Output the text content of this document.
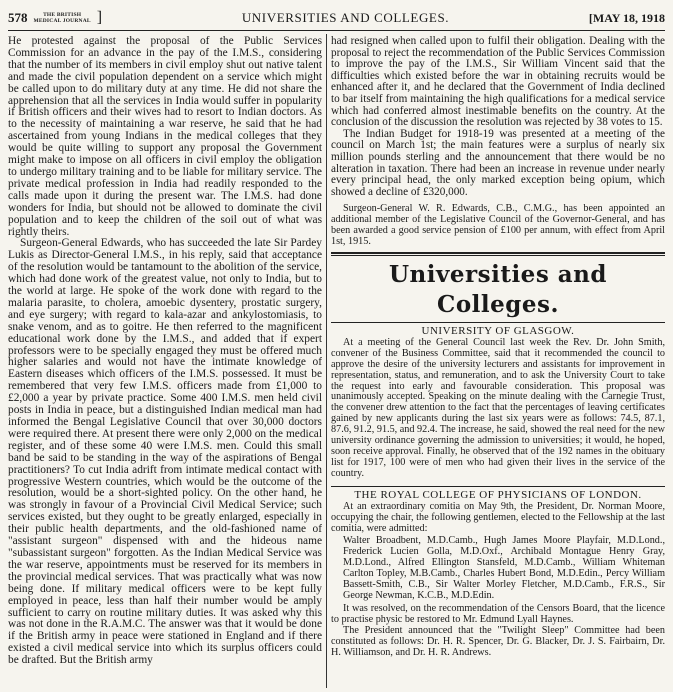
578	THE BRITISH
MEDICAL JOURNAL ]	UNIVERSITIES AND COLLEGES.	[MAY 18, 1918

He protested against the proposal of the Public Services Commission for an advance in the pay of the I.M.S., considering that the number of its members in civil employ shut out native talent and made the civil population dependent on a service which might be called upon to do military duty at any time. He did not share the apprehension that all the services in India would suffer in popularity if British officers and their wives had to resort to Indian doctors. As to the necessity of maintaining a war reserve, he said that he had ascertained from young Indians in the medical colleges that they would be quite willing to support any proposal the Government might make to impose on all officers in civil employ the obligation to undergo military training and to be liable for military service. The private medical profession in India had readily responded to the calls made upon it during the present war. The I.M.S. had done wonders for India, but should not be allowed to dominate the civil population and to keep the children of the soil out of what was rightly theirs.

Surgeon-General Edwards, who has succeeded the late Sir Pardey Lukis as Director-General I.M.S., in his reply, said that acceptance of the resolution would be tantamount to the abolition of the service, which had done work of the greatest value, not only to India, but to the world at large. He spoke of the work done with regard to the malaria parasite, to cholera, amoebic dysentery, prostatic surgery, and eye surgery; with regard to kala-azar and ankylostomiasis, to snake venom, and as to goitre. He then referred to the magnificent educational work done by the I.M.S., and added that if expert professors were to be specially engaged they must be offered much higher salaries and would not have the intimate knowledge of Eastern diseases which officers of the I.M.S. possessed. It must be remembered that very few I.M.S. officers made from £1,000 to £2,000 a year by private practice. Some 400 I.M.S. men held civil posts in India in peace, but a distinguished Indian medical man had informed the Bengal Legislative Council that over 30,000 doctors were required there. At present there were only 2,000 on the medical register, and of these some 40 were I.M.S. men. Could this small band be said to be standing in the way of the aspirations of Bengal practitioners? To cut India adrift from intimate medical contact with progressive Western countries, which would be the outcome of the resolution, would be a short-sighted policy. On the other hand, he was strongly in favour of a Provincial Civil Medical Service; such services existed, but they ought to be greatly enlarged, especially in their public health departments, and the old-fashioned name of "assistant surgeon" dispensed with and the hideous name "subassistant surgeon" forgotten. As the Indian Medical Service was the war reserve, appointments must be reserved for its members in the provincial medical services. That was practically what was now being done. If military medical officers were to be kept fully employed in peace, less than half their number would be amply sufficient to carry on routine military duties. It was asked why this was not done in the R.A.M.C. The answer was that it would be done if the British army in peace were stationed in England and if there existed a civil medical service into which its surplus officers could be drafted. But the British army

had resigned when called upon to fulfil their obligation. Dealing with the proposal to reject the recommendation of the Public Services Commission to improve the pay of the I.M.S., Sir William Vincent said that the difficulties which existed before the war in obtaining recruits would be enhanced after it, and he declared that the Government of India declined to bar itself from maintaining the high qualifications for a medical service which had conferred almost inestimable benefits on the country. At the conclusion of the discussion the resolution was rejected by 38 votes to 15.

The Indian Budget for 1918-19 was presented at a meeting of the council on March 1st; the main features were a surplus of nearly six million pounds sterling and the announcement that there would be no alteration in taxation. There had been an increase in revenue under nearly every principal head, the only marked exception being opium, which showed a decline of £320,000.

Surgeon-General W. R. Edwards, C.B., C.M.G., has been appointed an additional member of the Legislative Council of the Governor-General, and has been awarded a good service pension of £100 per annum, with effect from April 1st, 1915.

Universities and Colleges.
UNIVERSITY OF GLASGOW.

At a meeting of the General Council last week the Rev. Dr. John Smith, convener of the Business Committee, said that it recommended the council to approve the desire of the university lecturers and assistants for improvement in representation, status, and remuneration, and to ask the University Court to take the request into early and favourable consideration. This proposal was unanimously accepted. Speaking on the minute dealing with the Carnegie Trust, the convener drew attention to the fact that the percentages of leaving certificates gained by new applicants during the last six years were as follows: 74.5, 87.1, 87.6, 91.2, 91.5, and 92.4. The increase, he said, showed the real need for the new university ordinance governing the admission to universities; it would, he hoped, soon receive approval. Finally, he observed that of the 192 names in the obituary list for 1917, 100 were of men who had given their lives in the service of the country.

THE ROYAL COLLEGE OF PHYSICIANS OF LONDON.

At an extraordinary comitia on May 9th, the President, Dr. Norman Moore, occupying the chair, the following gentlemen, elected to the Fellowship at the last comitia, were admitted:

Walter Broadbent, M.D.Camb., Hugh James Moore Playfair, M.D.Lond., Frederick Lucien Golla, M.D.Oxf., Archibald Montague Henry Gray, M.D.Lond., Alfred Ellington Stansfeld, M.D.Camb., William Whiteman Carlton Topley, M.B.Camb., Charles Hubert Bond, M.D.Edin., Percy William Bassett-Smith, C.B., Sir Walter Morley Fletcher, M.D.Camb., F.R.S., Sir George Newman, K.C.B., M.D.Edin.

It was resolved, on the recommendation of the Censors Board, that the licence to practise physic be restored to Mr. Edmund Lyall Haynes.

The President announced that the "Twilight Sleep" Committee had been constituted as follows: Dr. H. R. Spencer, Dr. G. Blacker, Dr. J. S. Fairbairn, Dr. H. Williamson, and Dr. H. R. Andrews.
